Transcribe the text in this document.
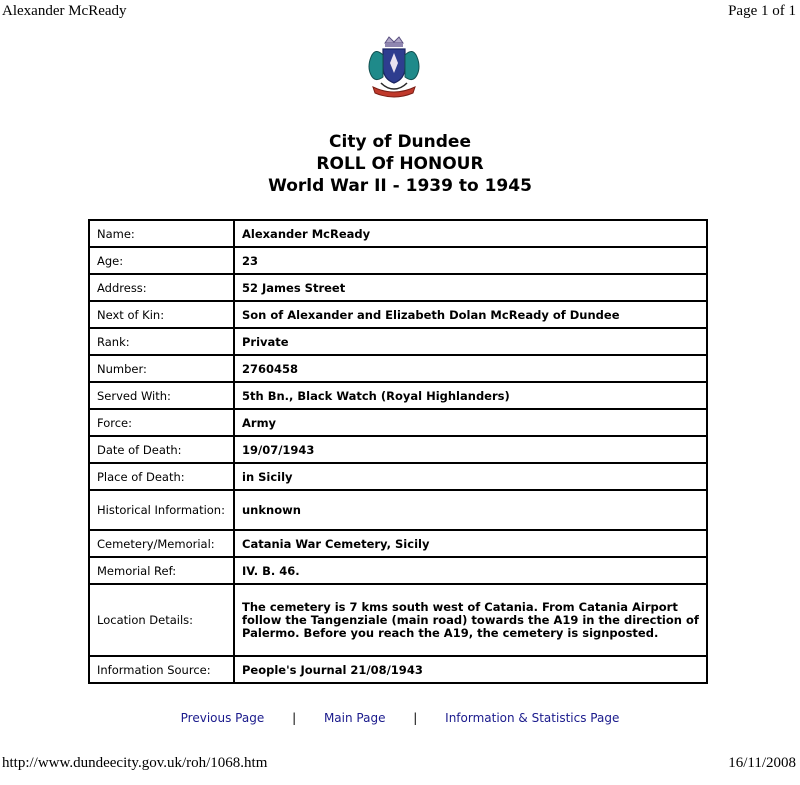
Alexander McReady	Page 1 of 1
City of Dundee
ROLL Of HONOUR
World War II - 1939 to 1945
Name:	Alexander McReady
Age:	23
Address:	52 James Street
Next of Kin:	Son of Alexander and Elizabeth Dolan McReady of Dundee
Rank:	Private
Number:	2760458
Served With:	5th Bn., Black Watch (Royal Highlanders)
Force:	Army
Date of Death:	19/07/1943
Place of Death:	in Sicily
Historical Information:	unknown
Cemetery/Memorial:	Catania War Cemetery, Sicily
Memorial Ref:	IV. B. 46.
Location Details:	The cemetery is 7 kms south west of Catania. From Catania Airport follow the Tangenziale (main road) towards the A19 in the direction of Palermo. Before you reach the A19, the cemetery is signposted.
Information Source:	People's Journal 21/08/1943
Previous Page | Main Page | Information & Statistics Page
http://www.dundeecity.gov.uk/roh/1068.htm	16/11/2008
